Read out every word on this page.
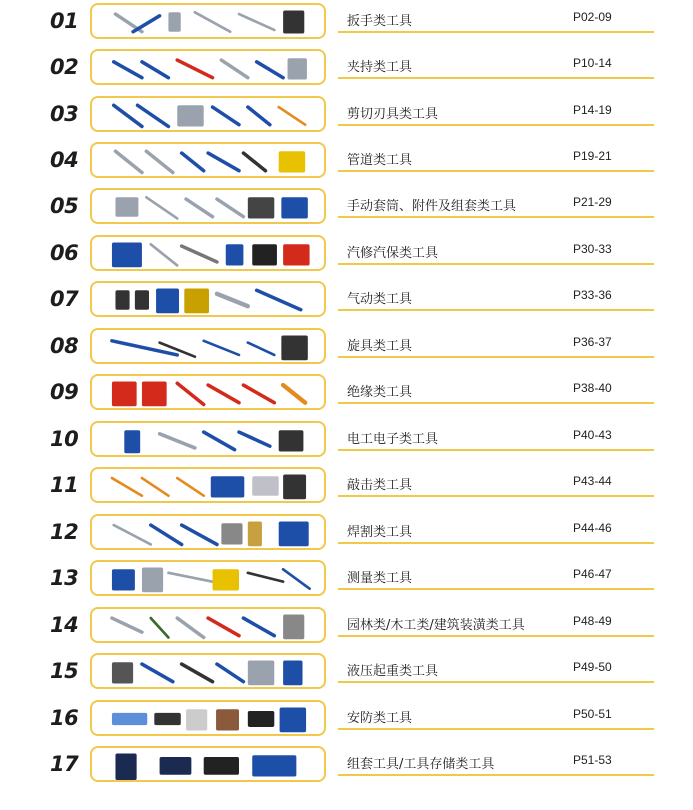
01	扳手类工具	P02-09
02	夹持类工具	P10-14
03	剪切刃具类工具	P14-19
04	管道类工具	P19-21
05	手动套筒、附件及组套类工具	P21-29
06	汽修汽保类工具	P30-33
07	气动类工具	P33-36
08	旋具类工具	P36-37
09	绝缘类工具	P38-40
10	电工电子类工具	P40-43
11	敲击类工具	P43-44
12	焊割类工具	P44-46
13	测量类工具	P46-47
14	园林类/木工类/建筑装潢类工具	P48-49
15	液压起重类工具	P49-50
16	安防类工具	P50-51
17	组套工具/工具存储类工具	P51-53
